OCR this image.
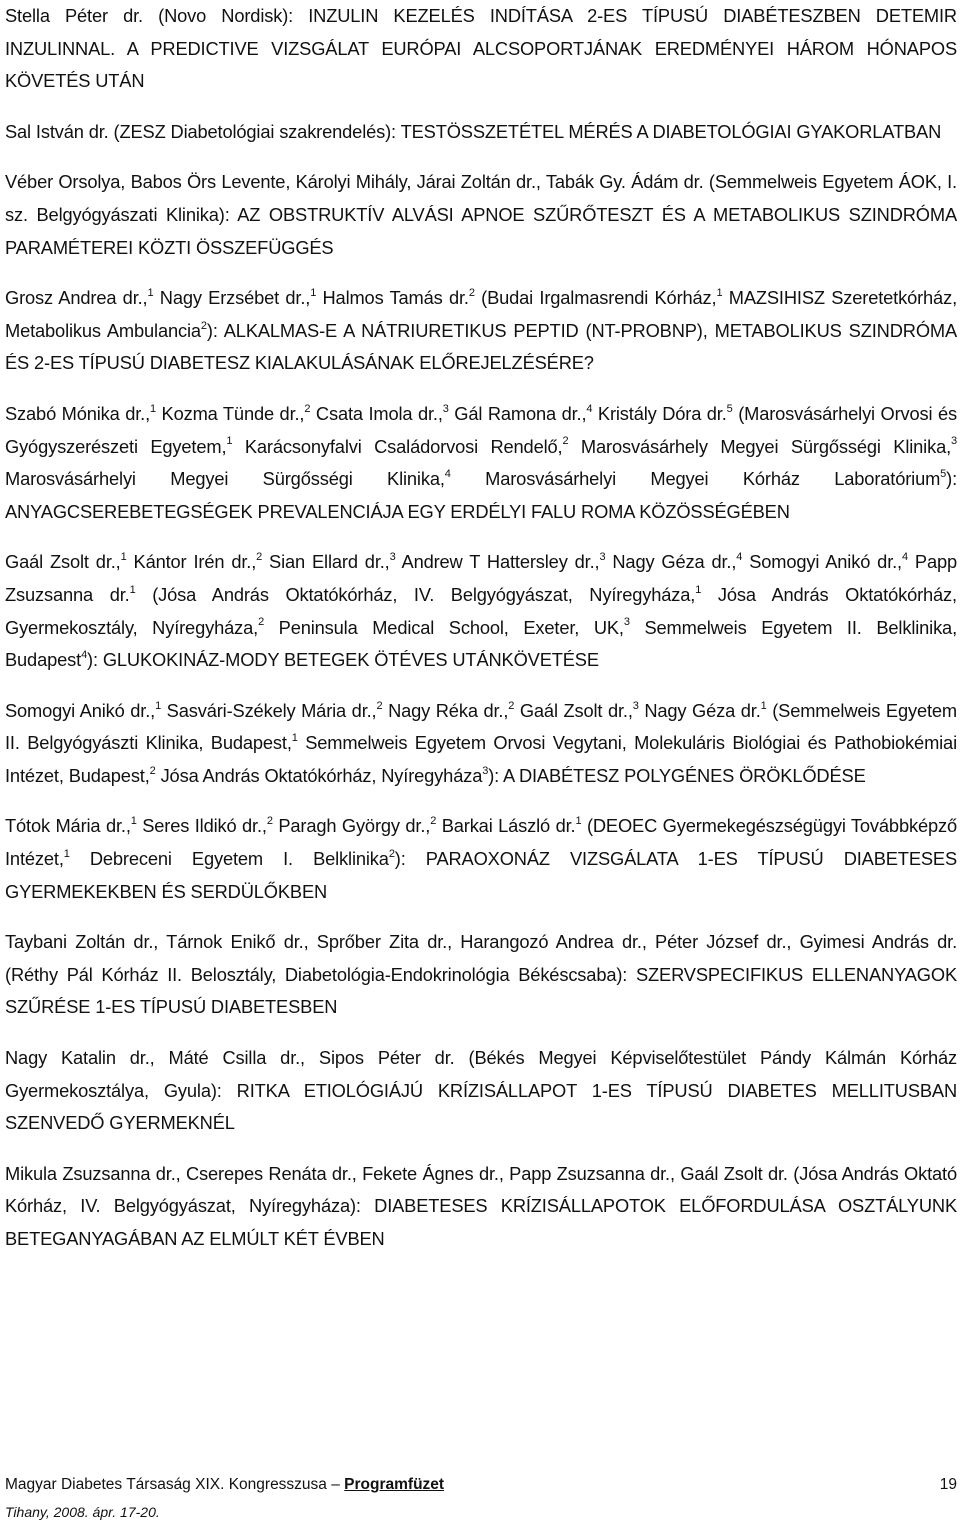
Stella Péter dr. (Novo Nordisk): INZULIN KEZELÉS INDÍTÁSA 2-ES TÍPUSÚ DIABÉTESZBEN DETEMIR INZULINNAL. A PREDICTIVE VIZSGÁLAT EURÓPAI ALCSOPORTJÁNAK EREDMÉNYEI HÁROM HÓNAPOS KÖVETÉS UTÁN
Sal István dr. (ZESZ Diabetológiai szakrendelés): TESTÖSSZETÉTEL MÉRÉS A DIABETOLÓGIAI GYAKORLATBAN
Véber Orsolya, Babos Örs Levente, Károlyi Mihály, Járai Zoltán dr., Tabák Gy. Ádám dr. (Semmelweis Egyetem ÁOK, I. sz. Belgyógyászati Klinika): AZ OBSTRUKTÍV ALVÁSI APNOE SZŰRŐTESZT ÉS A METABOLIKUS SZINDRÓMA PARAMÉTEREI KÖZTI ÖSSZEFÜGGÉS
Grosz Andrea dr.,$^1$ Nagy Erzsébet dr.,$^1$ Halmos Tamás dr.$^2$ (Budai Irgalmasrendi Kórház,$^1$ MAZSIHISZ Szeretetkórház, Metabolikus Ambulancia$^2$): ALKALMAS-E A NÁTRIURETIKUS PEPTID (NT-PROBNP), METABOLIKUS SZINDRÓMA ÉS 2-ES TÍPUSÚ DIABETESZ KIALAKULÁSÁNAK ELŐREJELZÉSÉRE?
Szabó Mónika dr.,$^1$ Kozma Tünde dr.,$^2$ Csata Imola dr.,$^3$ Gál Ramona dr.,$^4$ Kristály Dóra dr.$^5$ (Marosvásárhelyi Orvosi és Gyógyszerészeti Egyetem,$^1$ Karácsonyfalvi Családorvosi Rendelő,$^2$ Marosvásárhely Megyei Sürgősségi Klinika,$^3$ Marosvásárhelyi Megyei Sürgősségi Klinika,$^4$ Marosvásárhelyi Megyei Kórház Laboratórium$^5$): ANYAGCSEREBETEGSÉGEK PREVALENCIÁJA EGY ERDÉLYI FALU ROMA KÖZÖSSÉGÉBEN
Gaál Zsolt dr.,$^1$ Kántor Irén dr.,$^2$ Sian Ellard dr.,$^3$ Andrew T Hattersley dr.,$^3$ Nagy Géza dr.,$^4$ Somogyi Anikó dr.,$^4$ Papp Zsuzsanna dr.$^1$ (Jósa András Oktatókórház, IV. Belgyógyászat, Nyíregyháza,$^1$ Jósa András Oktatókórház, Gyermekosztály, Nyíregyháza,$^2$ Peninsula Medical School, Exeter, UK,$^3$ Semmelweis Egyetem II. Belklinika, Budapest$^4$): GLUKOKINÁZ-MODY BETEGEK ÖTÉVES UTÁNKÖVETÉSE
Somogyi Anikó dr.,$^1$ Sasvári-Székely Mária dr.,$^2$ Nagy Réka dr.,$^2$ Gaál Zsolt dr.,$^3$ Nagy Géza dr.$^1$ (Semmelweis Egyetem II. Belgyógyászti Klinika, Budapest,$^1$ Semmelweis Egyetem Orvosi Vegytani, Molekuláris Biológiai és Pathobiokémiai Intézet, Budapest,$^2$ Jósa András Oktatókórház, Nyíregyháza$^3$): A DIABÉTESZ POLYGÉNES ÖRÖKLŐDÉSE
Tótok Mária dr.,$^1$ Seres Ildikó dr.,$^2$ Paragh György dr.,$^2$ Barkai László dr.$^1$ (DEOEC Gyermekegészségügyi Továbbképző Intézet,$^1$ Debreceni Egyetem I. Belklinika$^2$): PARAOXONÁZ VIZSGÁLATA 1-ES TÍPUSÚ DIABETESES GYERMEKEKBEN ÉS SERDÜLŐKBEN
Taybani Zoltán dr., Tárnok Enikő dr., Sprőber Zita dr., Harangozó Andrea dr., Péter József dr., Gyimesi András dr. (Réthy Pál Kórház II. Belosztály, Diabetológia-Endokrinológia Békéscsaba): SZERVSPECIFIKUS ELLENANYAGOK SZŰRÉSE 1-ES TÍPUSÚ DIABETESBEN
Nagy Katalin dr., Máté Csilla dr., Sipos Péter dr. (Békés Megyei Képviselőtestület Pándy Kálmán Kórház Gyermekosztálya, Gyula): RITKA ETIOLÓGIÁJÚ KRÍZISÁLLAPOT 1-ES TÍPUSÚ DIABETES MELLITUSBAN SZENVEDŐ GYERMEKNÉL
Mikula Zsuzsanna dr., Cserepes Renáta dr., Fekete Ágnes dr., Papp Zsuzsanna dr., Gaál Zsolt dr. (Jósa András Oktató Kórház, IV. Belgyógyászat, Nyíregyháza): DIABETESES KRÍZISÁLLAPOTOK ELŐFORDULÁSA OSZTÁLYUNK BETEGANYAGÁBAN AZ ELMÚLT KÉT ÉVBEN
Magyar Diabetes Társaság XIX. Kongresszusa – Programfüzet	19
Tihany, 2008. ápr. 17-20.
